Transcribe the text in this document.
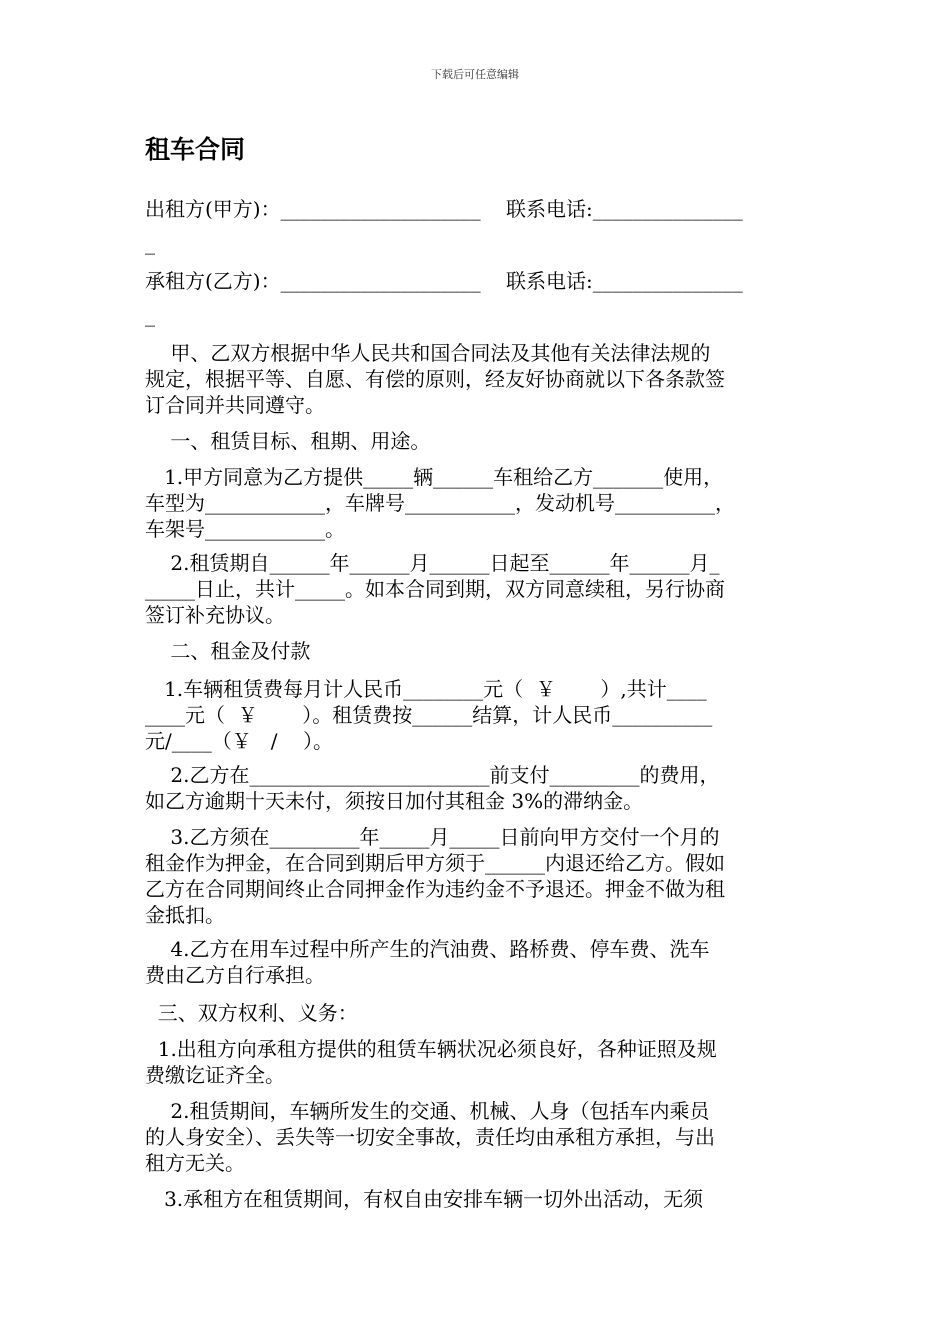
下载后可任意编辑
租车合同
出租方(甲方)：____________________    联系电话:_______________
_
承租方(乙方)：____________________    联系电话:_______________
_

甲、乙双方根据中华人民共和国合同法及其他有关法律法规的

规定，根据平等、自愿、有偿的原则，经友好协商就以下各条款签

订合同并共同遵守。

一、租赁目标、租期、用途。

1.甲方同意为乙方提供_____辆______车租给乙方_______使用，

车型为____________，车牌号___________，发动机号__________，

车架号____________。

2.租赁期自______年______月______日起至______年______月_

_____日止，共计_____。如本合同到期，双方同意续租，另行协商

签订补充协议。

二、租金及付款

1.车辆租赁费每月计人民币________元（  ￥       ）,共计____

____元（  ￥       ）。租赁费按______结算，计人民币__________

元/____（￥   /    ）。

2.乙方在________________________前支付_________的费用，

如乙方逾期十天未付，须按日加付其租金 3%的滞纳金。

3.乙方须在_________年_____月_____日前向甲方交付一个月的

租金作为押金，在合同到期后甲方须于______内退还给乙方。假如

乙方在合同期间终止合同押金作为违约金不予退还。押金不做为租

金抵扣。

4.乙方在用车过程中所产生的汽油费、路桥费、停车费、洗车

费由乙方自行承担。

三、双方权利、义务：

1.出租方向承租方提供的租赁车辆状况必须良好，各种证照及规

费缴讫证齐全。

2.租赁期间，车辆所发生的交通、机械、人身（包括车内乘员

的人身安全）、丢失等一切安全事故，责任均由承租方承担，与出

租方无关。

3.承租方在租赁期间，有权自由安排车辆一切外出活动，无须
